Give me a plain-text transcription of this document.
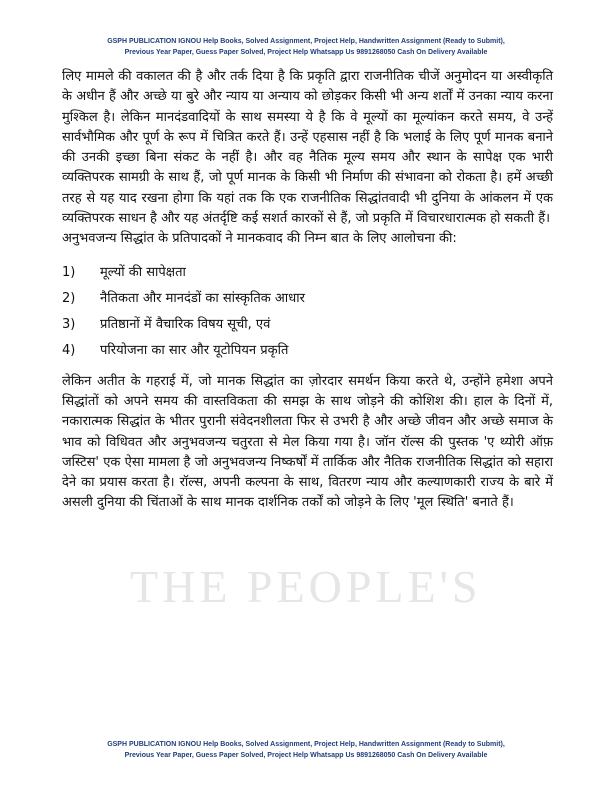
GSPH PUBLICATION IGNOU Help Books, Solved Assignment, Project Help, Handwritten Assignment (Ready to Submit),
Previous Year Paper, Guess Paper Solved, Project Help Whatsapp Us 9891268050 Cash On Delivery Available
THE PEOPLE'S

लिए मामले की वकालत की है और तर्क दिया है कि प्रकृति द्वारा राजनीतिक चीजें अनुमोदन या अस्वीकृति के अधीन हैं और अच्छे या बुरे और न्याय या अन्याय को छोड़कर किसी भी अन्य शर्तों में उनका न्याय करना मुश्किल है। लेकिन मानदंडवादियों के साथ समस्या ये है कि वे मूल्यों का मूल्यांकन करते समय, वे उन्हें सार्वभौमिक और पूर्ण के रूप में चित्रित करते हैं। उन्हें एहसास नहीं है कि भलाई के लिए पूर्ण मानक बनाने की उनकी इच्छा बिना संकट के नहीं है। और वह नैतिक मूल्य समय और स्थान के सापेक्ष एक भारी व्यक्तिपरक सामग्री के साथ हैं, जो पूर्ण मानक के किसी भी निर्माण की संभावना को रोकता है। हमें अच्छी तरह से यह याद रखना होगा कि यहां तक कि एक राजनीतिक सिद्धांतवादी भी दुनिया के आंकलन में एक व्यक्तिपरक साधन है और यह अंतर्दृष्टि कई सशर्त कारकों से हैं, जो प्रकृति में विचारधारात्मक हो सकती हैं।

अनुभवजन्य सिद्धांत के प्रतिपादकों ने मानकवाद की निम्न बात के लिए आलोचना की:

1)	मूल्यों की सापेक्षता
2)	नैतिकता और मानदंडों का सांस्कृतिक आधार
3)	प्रतिष्ठानों में वैचारिक विषय सूची, एवं
4)	परियोजना का सार और यूटोपियन प्रकृति

लेकिन अतीत के गहराई में, जो मानक सिद्धांत का ज़ोरदार समर्थन किया करते थे, उन्होंने हमेशा अपने सिद्धांतों को अपने समय की वास्तविकता की समझ के साथ जोड़ने की कोशिश की। हाल के दिनों में, नकारात्मक सिद्धांत के भीतर पुरानी संवेदनशीलता फिर से उभरी है और अच्छे जीवन और अच्छे समाज के भाव को विधिवत और अनुभवजन्य चतुरता से मेल किया गया है। जॉन रॉल्स की पुस्तक 'ए थ्योरी ऑफ़ जस्टिस' एक ऐसा मामला है जो अनुभवजन्य निष्कर्षों में तार्किक और नैतिक राजनीतिक सिद्धांत को सहारा देने का प्रयास करता है। रॉल्स, अपनी कल्पना के साथ, वितरण न्याय और कल्याणकारी राज्य के बारे में असली दुनिया की चिंताओं के साथ मानक दार्शनिक तर्कों को जोड़ने के लिए 'मूल स्थिति' बनाते हैं।

GSPH PUBLICATION IGNOU Help Books, Solved Assignment, Project Help, Handwritten Assignment (Ready to Submit),
Previous Year Paper, Guess Paper Solved, Project Help Whatsapp Us 9891268050 Cash On Delivery Available
